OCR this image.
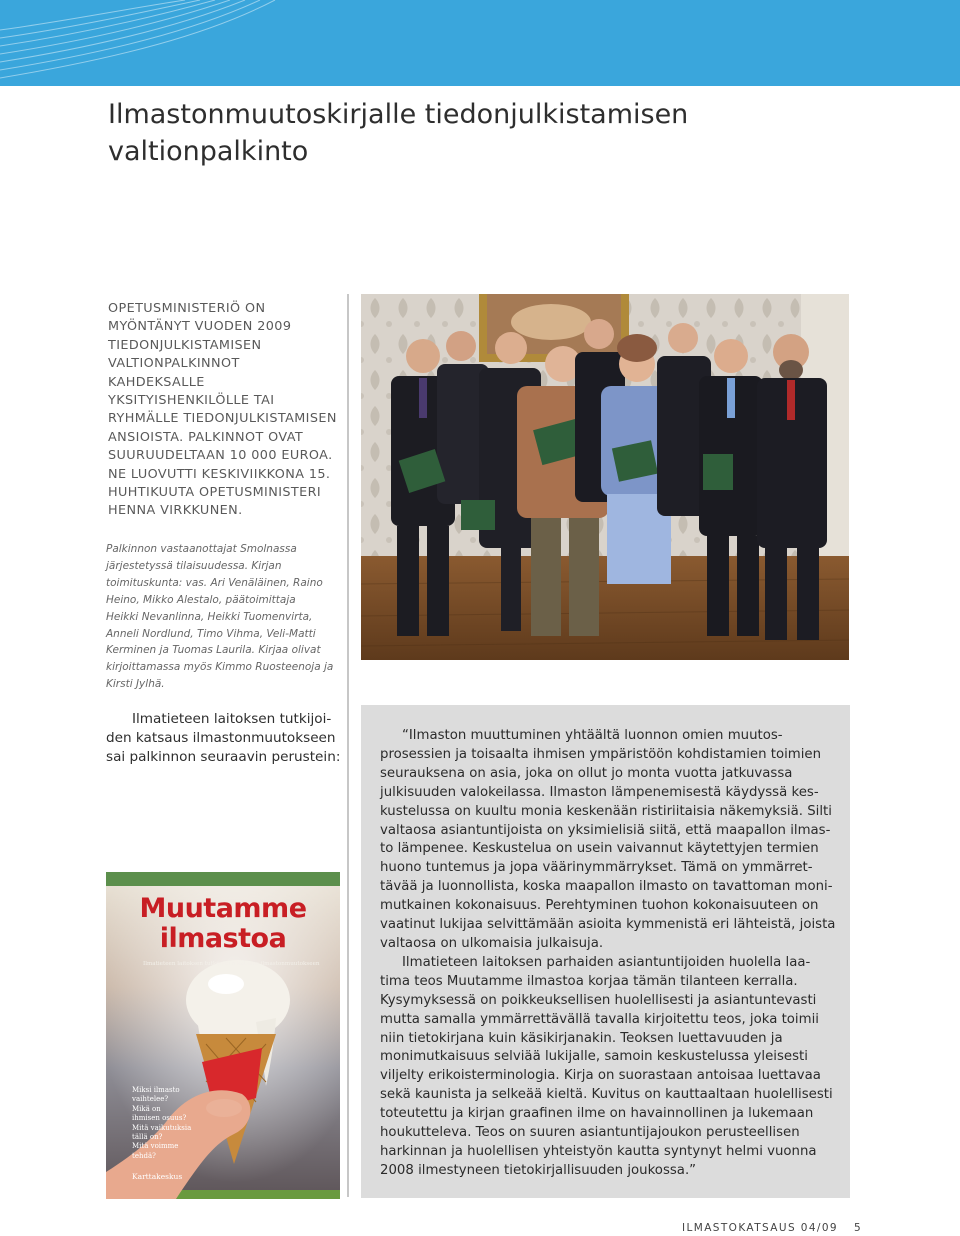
Ilmastonmuutoskirjalle tiedonjulkistamisen
valtionpalkinto
OPETUSMINISTERIÖ ON
MYÖNTÄNYT VUODEN 2009
TIEDONJULKISTAMISEN
VALTIONPALKINNOT
KAHDEKSALLE
YKSITYISHENKILÖLLE TAI
RYHMÄLLE TIEDONJULKISTAMISEN
ANSIOISTA. PALKINNOT OVAT
SUURUUDELTAAN 10 000 EUROA.
NE LUOVUTTI KESKIVIIKKONA 15.
HUHTIKUUTA OPETUSMINISTERI
HENNA VIRKKUNEN.
Palkinnon vastaanottajat Smolnassa
järjestetyssä tilaisuudessa. Kirjan
toimituskunta: vas. Ari Venäläinen, Raino
Heino, Mikko Alestalo, päätoimittaja
Heikki Nevanlinna, Heikki Tuomenvirta,
Anneli Nordlund, Timo Vihma, Veli-Matti
Kerminen ja Tuomas Laurila. Kirjaa olivat
kirjoittamassa myös Kimmo Ruosteenoja ja
Kirsti Jylhä.
Ilmatieteen laitoksen tutkijoi-
den katsaus ilmastonmuutokseen
sai palkinnon seuraavin perustein:
Muutamme
ilmastoa
Ilmatieteen laitoksen tutkijoiden katsaus ilmastonmuutokseen
Miksi ilmasto
vaihtelee?
Mikä on
ihmisen osuus?
Mitä vaikutuksia
tällä on?
Mitä voimme
tehdä?
Karttakeskus
“Ilmaston muuttuminen yhtäältä luonnon omien muutos-
prosessien ja toisaalta ihmisen ympäristöön kohdistamien toimien
seurauksena on asia, joka on ollut jo monta vuotta jatkuvassa
julkisuuden valokeilassa. Ilmaston lämpenemisestä käydyssä kes-
kustelussa on kuultu monia keskenään ristiriitaisia näkemyksiä. Silti
valtaosa asiantuntijoista on yksimielisiä siitä, että maapallon ilmas-
to lämpenee. Keskustelua on usein vaivannut käytettyjen termien
huono tuntemus ja jopa väärinymmärrykset. Tämä on ymmärret-
tävää ja luonnollista, koska maapallon ilmasto on tavattoman moni-
mutkainen kokonaisuus. Perehtyminen tuohon kokonaisuuteen on
vaatinut lukijaa selvittämään asioita kymmenistä eri lähteistä, joista
valtaosa on ulkomaisia julkaisuja.
Ilmatieteen laitoksen parhaiden asiantuntijoiden huolella laa-
tima teos Muutamme ilmastoa korjaa tämän tilanteen kerralla.
Kysymyksessä on poikkeuksellisen huolellisesti ja asiantuntevasti
mutta samalla ymmärrettävällä tavalla kirjoitettu teos, joka toimii
niin tietokirjana kuin käsikirjanakin. Teoksen luettavuuden ja
monimutkaisuus selviää lukijalle, samoin keskustelussa yleisesti
viljelty erikoisterminologia. Kirja on suorastaan antoisaa luettavaa
sekä kaunista ja selkeää kieltä. Kuvitus on kauttaaltaan huolellisesti
toteutettu ja kirjan graafinen ilme on havainnollinen ja lukemaan
houkutteleva. Teos on suuren asiantuntijajoukon perusteellisen
harkinnan ja huolellisen yhteistyön kautta syntynyt helmi vuonna
2008 ilmestyneen tietokirjallisuuden joukossa.”
ILMASTOKATSAUS 04/09 5
